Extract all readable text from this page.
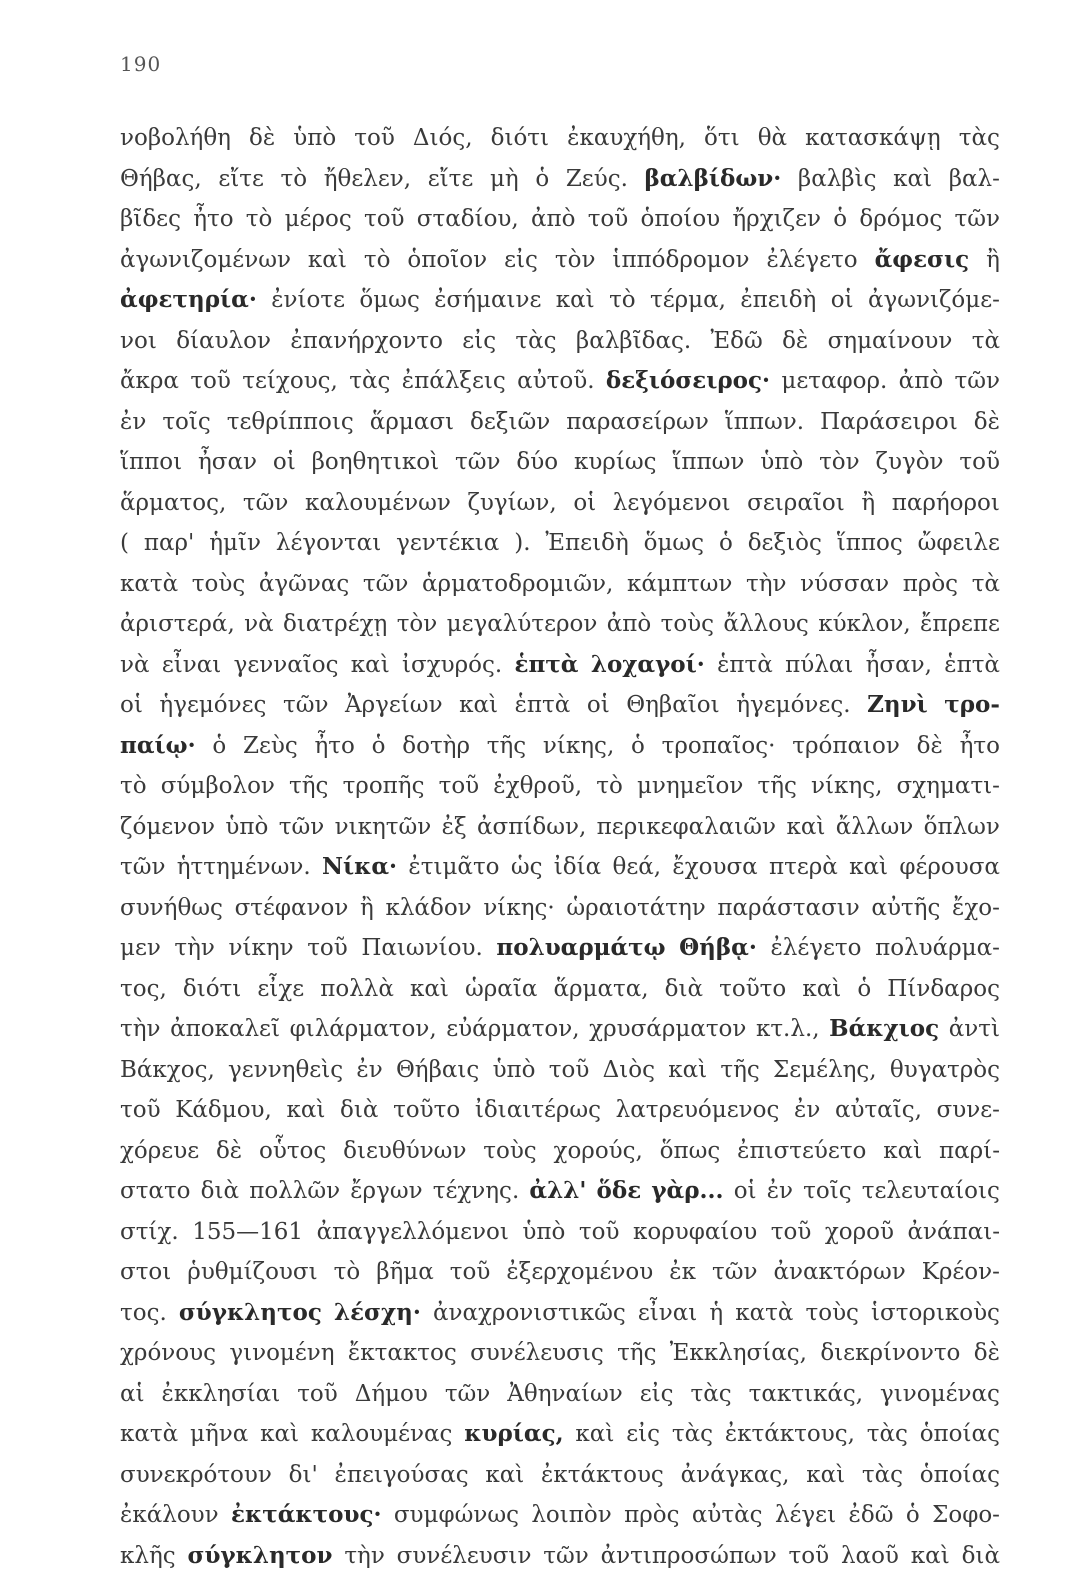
190
νοβολήθη δὲ ὑπὸ τοῦ Διός, διότι ἐκαυχήθη, ὅτι θὰ κατασκάψῃ τὰς
Θήβας, εἴτε τὸ ἤθελεν, εἴτε μὴ ὁ Ζεύς. βαλβίδων· βαλβὶς καὶ βαλ-
βῖδες ἦτο τὸ μέρος τοῦ σταδίου, ἀπὸ τοῦ ὁποίου ἤρχιζεν ὁ δρόμος τῶν
ἀγωνιζομένων καὶ τὸ ὁποῖον εἰς τὸν ἱππόδρομον ἐλέγετο ἄφεσις ἢ
ἀφετηρία· ἐνίοτε ὅμως ἐσήμαινε καὶ τὸ τέρμα, ἐπειδὴ οἱ ἀγωνιζόμε-
νοι δίαυλον ἐπανήρχοντο εἰς τὰς βαλβῖδας. Ἐδῶ δὲ σημαίνουν τὰ
ἄκρα τοῦ τείχους, τὰς ἐπάλξεις αὐτοῦ. δεξιόσειρος· μεταφορ. ἀπὸ τῶν
ἐν τοῖς τεθρίπποις ἅρμασι δεξιῶν παρασείρων ἵππων. Παράσειροι δὲ
ἵπποι ἦσαν οἱ βοηθητικοὶ τῶν δύο κυρίως ἵππων ὑπὸ τὸν ζυγὸν τοῦ
ἅρματος, τῶν καλουμένων ζυγίων, οἱ λεγόμενοι σειραῖοι ἢ παρήοροι
( παρ' ἡμῖν λέγονται γεντέκια ). Ἐπειδὴ ὅμως ὁ δεξιὸς ἵππος ὤφειλε
κατὰ τοὺς ἀγῶνας τῶν ἁρματοδρομιῶν, κάμπτων τὴν νύσσαν πρὸς τὰ
ἀριστερά, νὰ διατρέχῃ τὸν μεγαλύτερον ἀπὸ τοὺς ἄλλους κύκλον, ἔπρεπε
νὰ εἶναι γενναῖος καὶ ἰσχυρός. ἑπτὰ λοχαγοί· ἑπτὰ πύλαι ἦσαν, ἑπτὰ
οἱ ἡγεμόνες τῶν Ἀργείων καὶ ἑπτὰ οἱ Θηβαῖοι ἡγεμόνες. Ζηνὶ τρο-
παίῳ· ὁ Ζεὺς ἦτο ὁ δοτὴρ τῆς νίκης, ὁ τροπαῖος· τρόπαιον δὲ ἦτο
τὸ σύμβολον τῆς τροπῆς τοῦ ἐχθροῦ, τὸ μνημεῖον τῆς νίκης, σχηματι-
ζόμενον ὑπὸ τῶν νικητῶν ἐξ ἀσπίδων, περικεφαλαιῶν καὶ ἄλλων ὅπλων
τῶν ἡττημένων. Νίκα· ἐτιμᾶτο ὡς ἰδία θεά, ἔχουσα πτερὰ καὶ φέρουσα
συνήθως στέφανον ἢ κλάδον νίκης· ὡραιοτάτην παράστασιν αὐτῆς ἔχο-
μεν τὴν νίκην τοῦ Παιωνίου. πολυαρμάτῳ Θήβᾳ· ἐλέγετο πολυάρμα-
τος, διότι εἶχε πολλὰ καὶ ὡραῖα ἅρματα, διὰ τοῦτο καὶ ὁ Πίνδαρος
τὴν ἀποκαλεῖ φιλάρματον, εὐάρματον, χρυσάρματον κτ.λ., Βάκχιος ἀντὶ
Βάκχος, γεννηθεὶς ἐν Θήβαις ὑπὸ τοῦ Διὸς καὶ τῆς Σεμέλης, θυγατρὸς
τοῦ Κάδμου, καὶ διὰ τοῦτο ἰδιαιτέρως λατρευόμενος ἐν αὐταῖς, συνε-
χόρευε δὲ οὗτος διευθύνων τοὺς χορούς, ὅπως ἐπιστεύετο καὶ παρί-
στατο διὰ πολλῶν ἔργων τέχνης. ἀλλ' ὅδε γὰρ... οἱ ἐν τοῖς τελευταίοις
στίχ. 155—161 ἀπαγγελλόμενοι ὑπὸ τοῦ κορυφαίου τοῦ χοροῦ ἀνάπαι-
στοι ῥυθμίζουσι τὸ βῆμα τοῦ ἐξερχομένου ἐκ τῶν ἀνακτόρων Κρέον-
τος. σύγκλητος λέσχη· ἀναχρονιστικῶς εἶναι ἡ κατὰ τοὺς ἱστορικοὺς
χρόνους γινομένη ἔκτακτος συνέλευσις τῆς Ἐκκλησίας, διεκρίνοντο δὲ
αἱ ἐκκλησίαι τοῦ Δήμου τῶν Ἀθηναίων εἰς τὰς τακτικάς, γινομένας
κατὰ μῆνα καὶ καλουμένας κυρίας, καὶ εἰς τὰς ἐκτάκτους, τὰς ὁποίας
συνεκρότουν δι' ἐπειγούσας καὶ ἐκτάκτους ἀνάγκας, καὶ τὰς ὁποίας
ἐκάλουν ἐκτάκτους· συμφώνως λοιπὸν πρὸς αὐτὰς λέγει ἐδῶ ὁ Σοφο-
κλῆς σύγκλητον τὴν συνέλευσιν τῶν ἀντιπροσώπων τοῦ λαοῦ καὶ διὰ
